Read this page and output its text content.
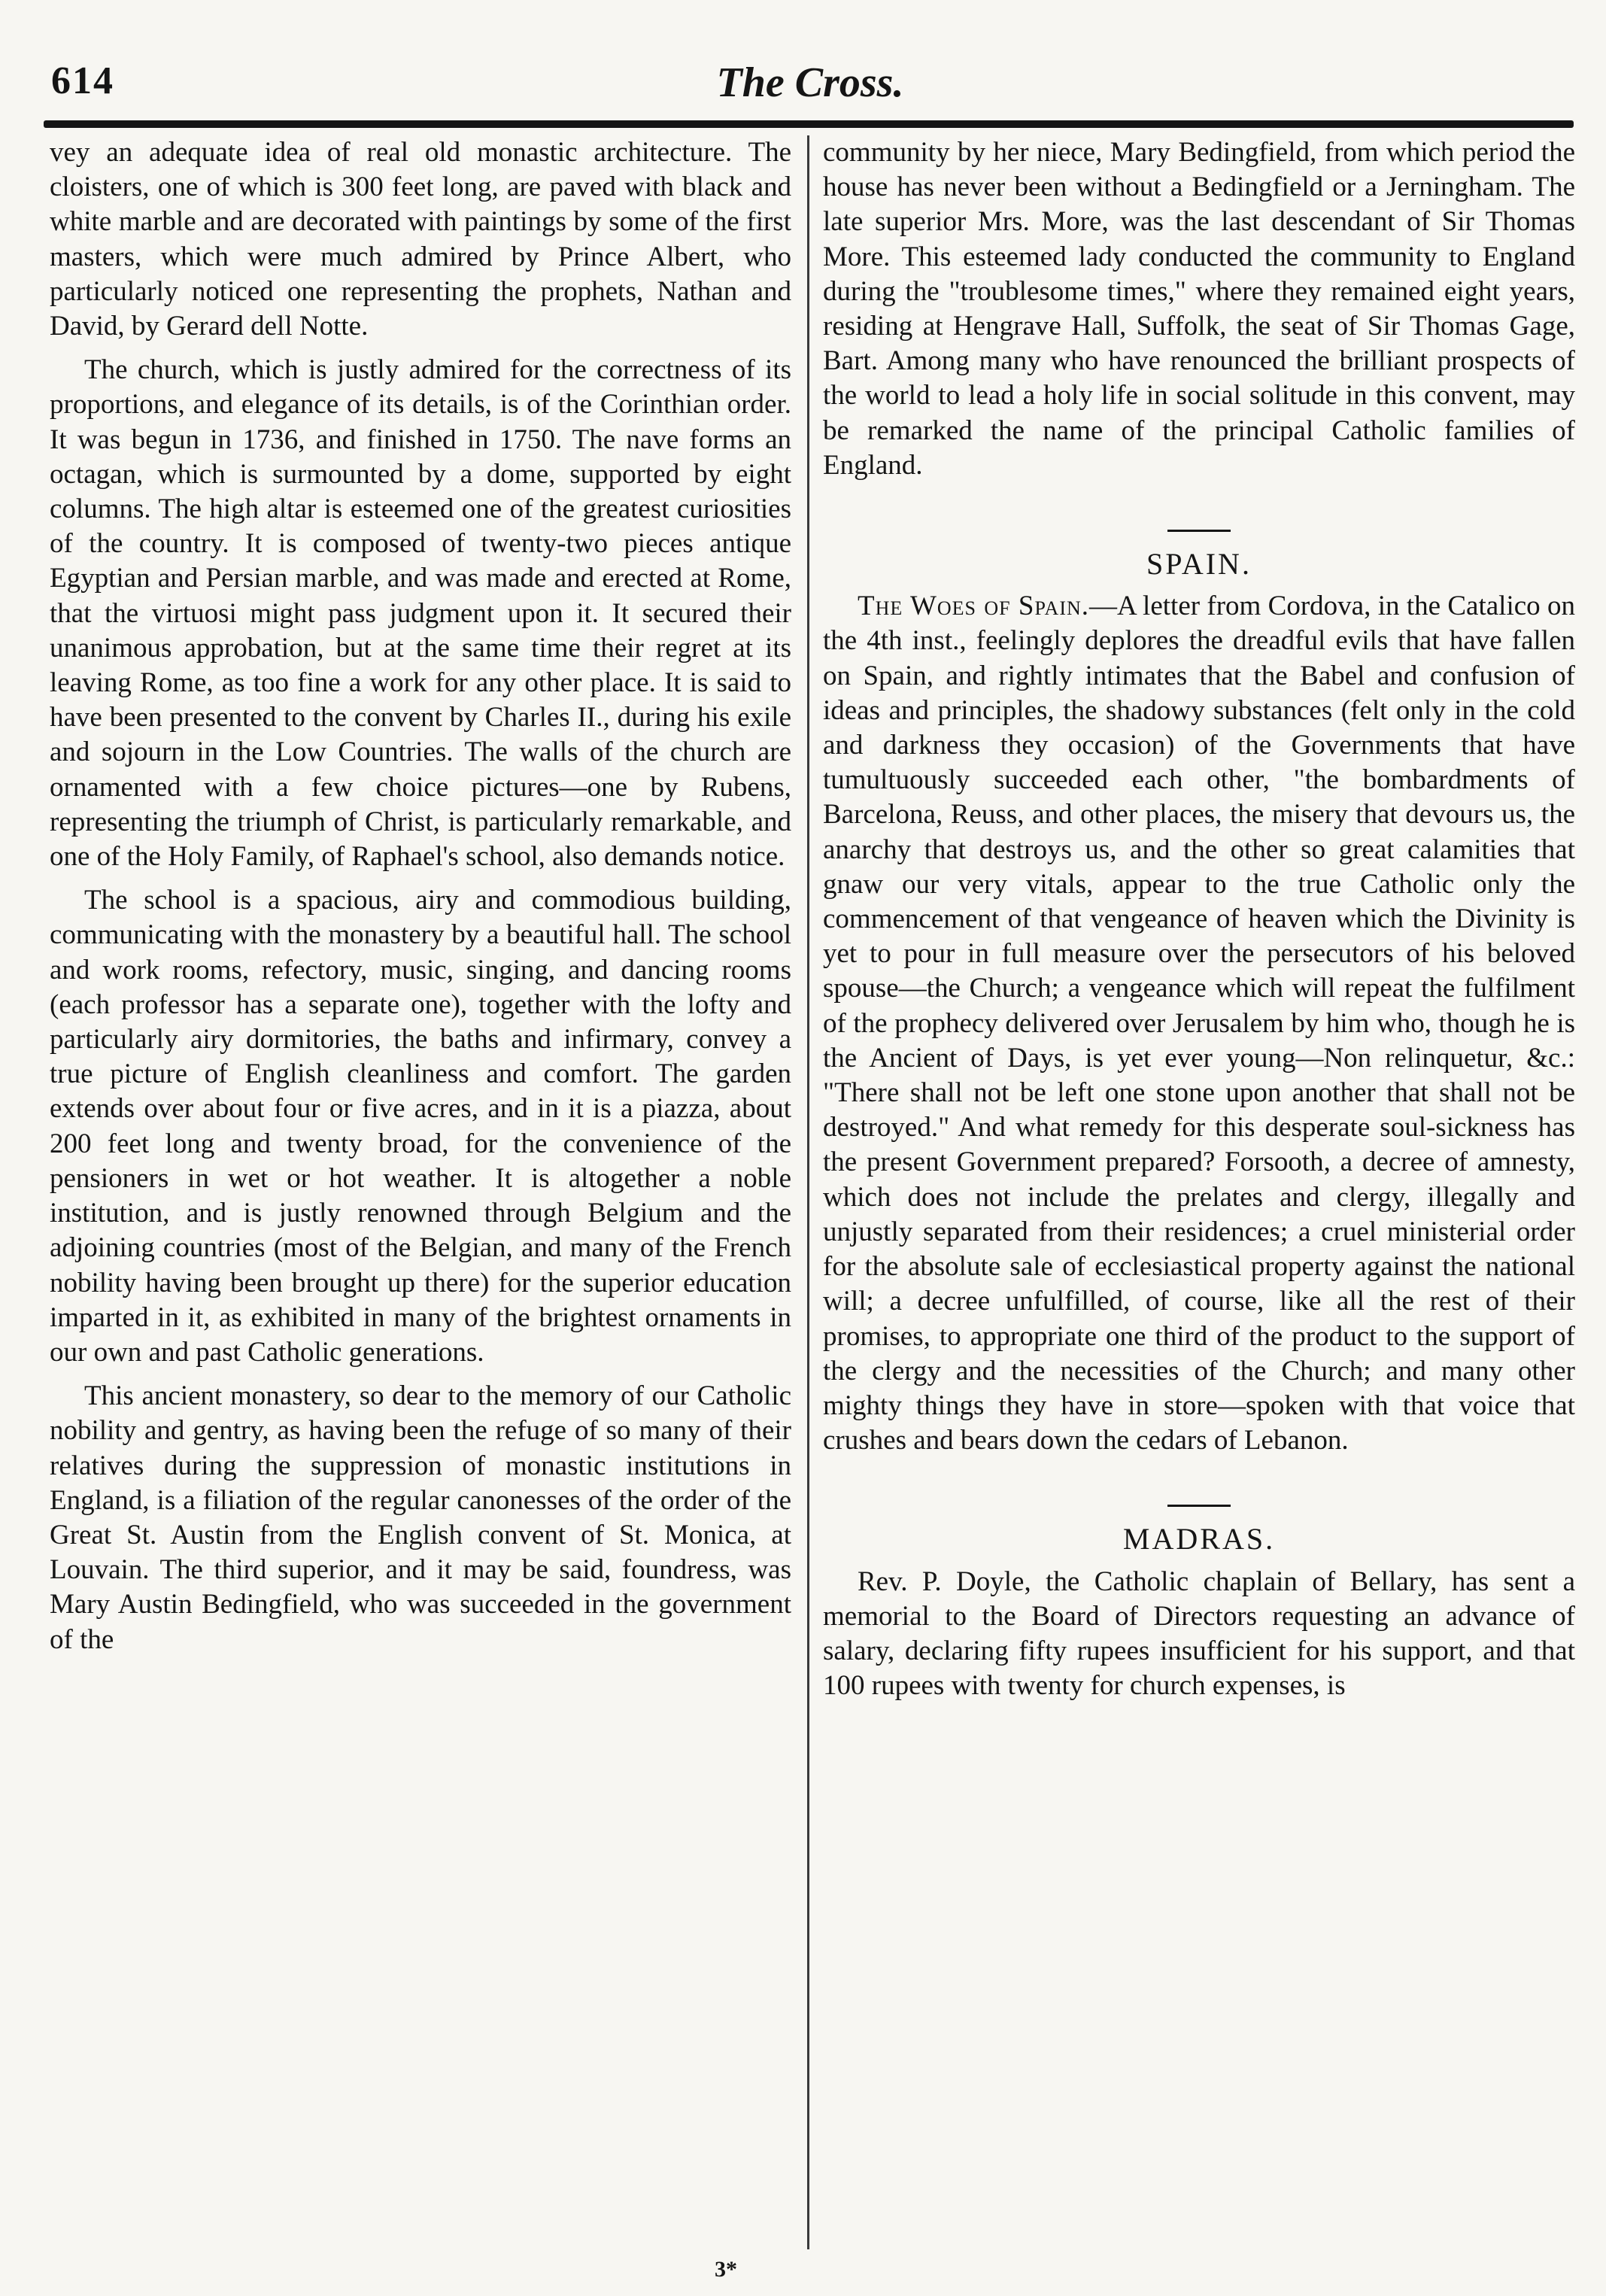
614	The Cross.

vey an adequate idea of real old monastic architecture. The cloisters, one of which is 300 feet long, are paved with black and white marble and are decorated with paintings by some of the first masters, which were much admired by Prince Albert, who particularly noticed one representing the prophets, Nathan and David, by Gerard dell Notte.

The church, which is justly admired for the correctness of its proportions, and elegance of its details, is of the Corinthian order. It was begun in 1736, and finished in 1750. The nave forms an octagan, which is surmounted by a dome, supported by eight columns. The high altar is esteemed one of the greatest curiosities of the country. It is composed of twenty-two pieces antique Egyptian and Persian marble, and was made and erected at Rome, that the virtuosi might pass judgment upon it. It secured their unanimous approbation, but at the same time their regret at its leaving Rome, as too fine a work for any other place. It is said to have been presented to the convent by Charles II., during his exile and sojourn in the Low Countries. The walls of the church are ornamented with a few choice pictures—one by Rubens, representing the triumph of Christ, is particularly remarkable, and one of the Holy Family, of Raphael's school, also demands notice.

The school is a spacious, airy and commodious building, communicating with the monastery by a beautiful hall. The school and work rooms, refectory, music, singing, and dancing rooms (each professor has a separate one), together with the lofty and particularly airy dormitories, the baths and infirmary, convey a true picture of English cleanliness and comfort. The garden extends over about four or five acres, and in it is a piazza, about 200 feet long and twenty broad, for the convenience of the pensioners in wet or hot weather. It is altogether a noble institution, and is justly renowned through Belgium and the adjoining countries (most of the Belgian, and many of the French nobility having been brought up there) for the superior education imparted in it, as exhibited in many of the brightest ornaments in our own and past Catholic generations.

This ancient monastery, so dear to the memory of our Catholic nobility and gentry, as having been the refuge of so many of their relatives during the suppression of monastic institutions in England, is a filiation of the regular canonesses of the order of the Great St. Austin from the English convent of St. Monica, at Louvain. The third superior, and it may be said, foundress, was Mary Austin Bedingfield, who was succeeded in the government of the

community by her niece, Mary Bedingfield, from which period the house has never been without a Bedingfield or a Jerningham. The late superior Mrs. More, was the last descendant of Sir Thomas More. This esteemed lady conducted the community to England during the "troublesome times," where they remained eight years, residing at Hengrave Hall, Suffolk, the seat of Sir Thomas Gage, Bart. Among many who have renounced the brilliant prospects of the world to lead a holy life in social solitude in this convent, may be remarked the name of the principal Catholic families of England.

SPAIN.

The Woes of Spain.—A letter from Cordova, in the Catalico on the 4th inst., feelingly deplores the dreadful evils that have fallen on Spain, and rightly intimates that the Babel and confusion of ideas and principles, the shadowy substances (felt only in the cold and darkness they occasion) of the Governments that have tumultuously succeeded each other, "the bombardments of Barcelona, Reuss, and other places, the misery that devours us, the anarchy that destroys us, and the other so great calamities that gnaw our very vitals, appear to the true Catholic only the commencement of that vengeance of heaven which the Divinity is yet to pour in full measure over the persecutors of his beloved spouse—the Church; a vengeance which will repeat the fulfilment of the prophecy delivered over Jerusalem by him who, though he is the Ancient of Days, is yet ever young—Non relinquetur, &c.: "There shall not be left one stone upon another that shall not be destroyed." And what remedy for this desperate soul-sickness has the present Government prepared? Forsooth, a decree of amnesty, which does not include the prelates and clergy, illegally and unjustly separated from their residences; a cruel ministerial order for the absolute sale of ecclesiastical property against the national will; a decree unfulfilled, of course, like all the rest of their promises, to appropriate one third of the product to the support of the clergy and the necessities of the Church; and many other mighty things they have in store—spoken with that voice that crushes and bears down the cedars of Lebanon.

MADRAS.

Rev. P. Doyle, the Catholic chaplain of Bellary, has sent a memorial to the Board of Directors requesting an advance of salary, declaring fifty rupees insufficient for his support, and that 100 rupees with twenty for church expenses, is

3*
